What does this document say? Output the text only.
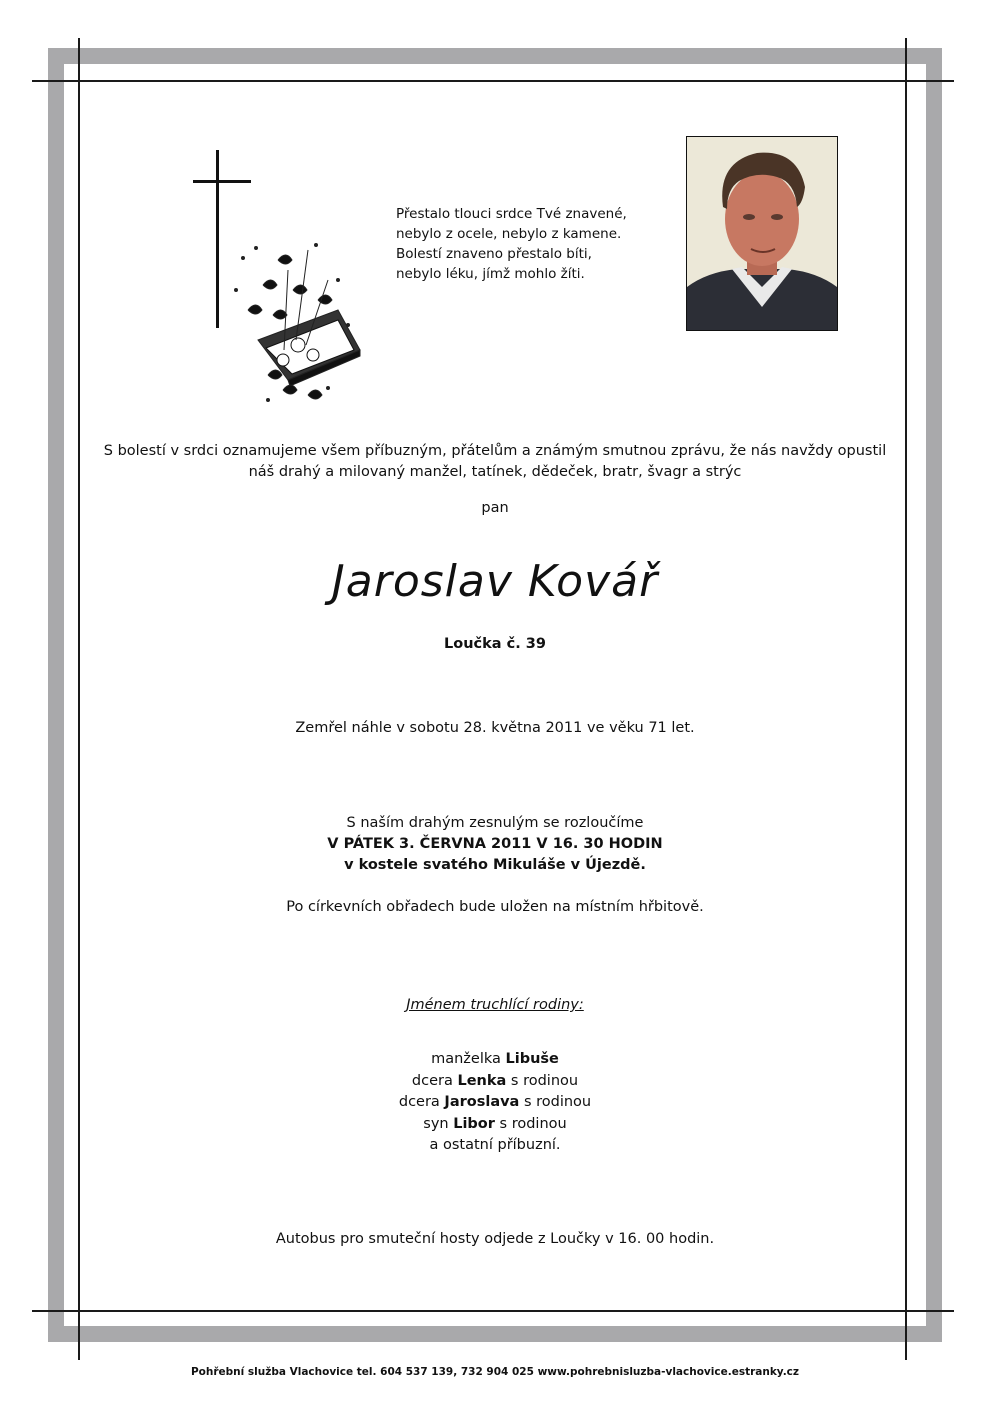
Přestalo tlouci srdce Tvé znavené,
nebylo z ocele, nebylo z kamene.
Bolestí znaveno přestalo bíti,
nebylo léku, jímž mohlo žíti.
S bolestí v srdci oznamujeme všem příbuzným, přátelům a známým smutnou zprávu, že nás navždy opustil
náš drahý a milovaný manžel, tatínek, dědeček, bratr, švagr a strýc
pan
Jaroslav Kovář
Loučka č. 39
Zemřel náhle v sobotu 28. května 2011 ve věku 71 let.
S naším drahým zesnulým se rozloučíme
V PÁTEK 3. ČERVNA 2011 V 16. 30 HODIN
v kostele svatého Mikuláše v Újezdě.
Po církevních obřadech bude uložen na místním hřbitově.
Jménem truchlící rodiny:
manželka Libuše
dcera Lenka s rodinou
dcera Jaroslava s rodinou
syn Libor s rodinou
a ostatní příbuzní.
Autobus pro smuteční hosty odjede z Loučky v 16. 00 hodin.
Pohřební služba Vlachovice tel. 604 537 139, 732 904 025 www.pohrebnisluzba-vlachovice.estranky.cz
